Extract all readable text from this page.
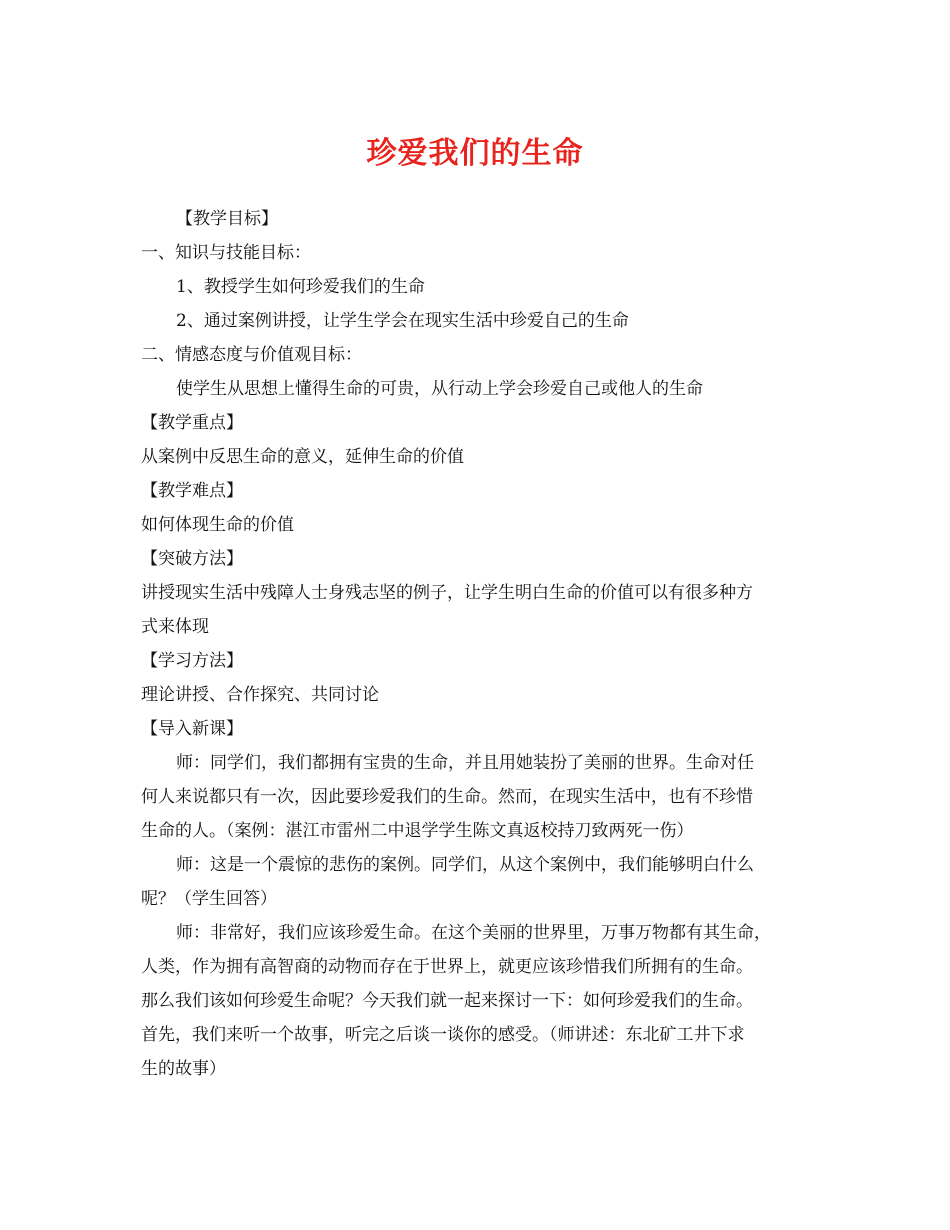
珍爱我们的生命
【教学目标】
一、知识与技能目标：
1、教授学生如何珍爱我们的生命
2、通过案例讲授，让学生学会在现实生活中珍爱自己的生命
二、情感态度与价值观目标：
使学生从思想上懂得生命的可贵，从行动上学会珍爱自己或他人的生命
【教学重点】
从案例中反思生命的意义，延伸生命的价值
【教学难点】
如何体现生命的价值
【突破方法】
讲授现实生活中残障人士身残志坚的例子，让学生明白生命的价值可以有很多种方
式来体现
【学习方法】
理论讲授、合作探究、共同讨论
【导入新课】
师：同学们，我们都拥有宝贵的生命，并且用她装扮了美丽的世界。生命对任
何人来说都只有一次，因此要珍爱我们的生命。然而，在现实生活中，也有不珍惜
生命的人。（案例：湛江市雷州二中退学学生陈文真返校持刀致两死一伤）
师：这是一个震惊的悲伤的案例。同学们，从这个案例中，我们能够明白什么
呢？（学生回答）
师：非常好，我们应该珍爱生命。在这个美丽的世界里，万事万物都有其生命，
人类，作为拥有高智商的动物而存在于世界上，就更应该珍惜我们所拥有的生命。
那么我们该如何珍爱生命呢？今天我们就一起来探讨一下：如何珍爱我们的生命。
首先，我们来听一个故事，听完之后谈一谈你的感受。（师讲述：东北矿工井下求
生的故事）
